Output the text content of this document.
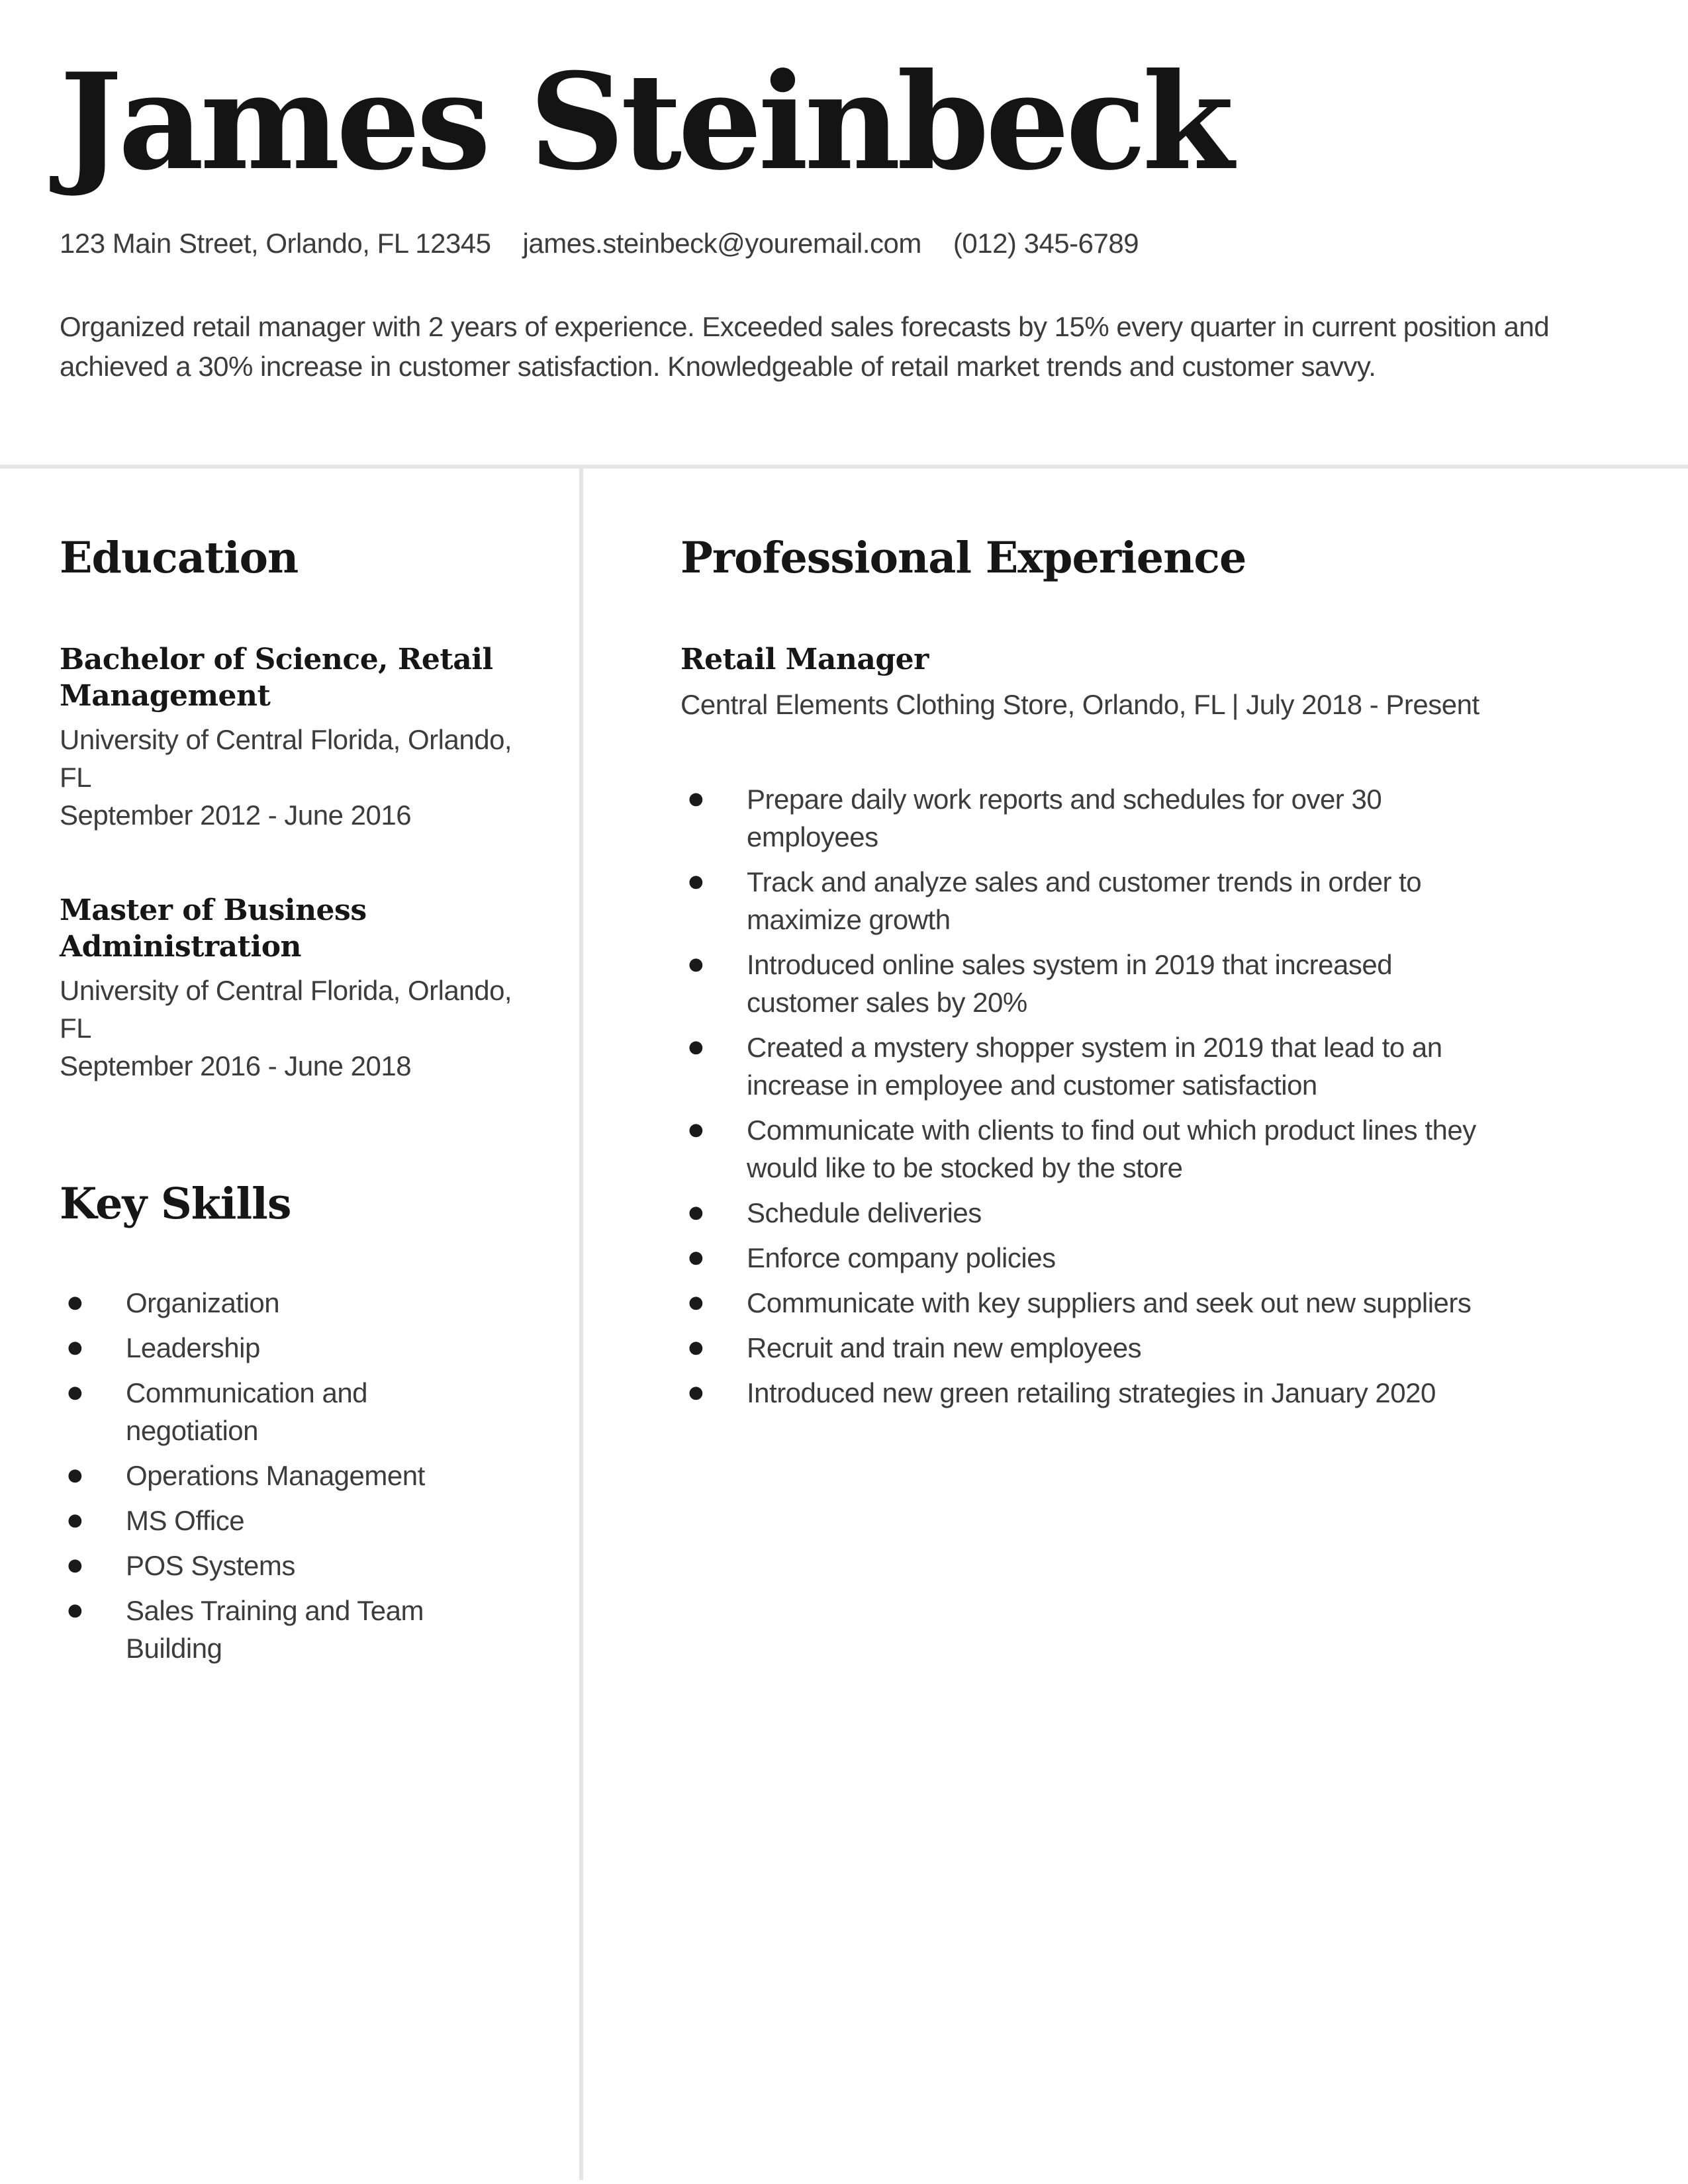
James Steinbeck
123 Main Street, Orlando, FL 12345 james.steinbeck@youremail.com (012) 345-6789
Organized retail manager with 2 years of experience. Exceeded sales forecasts by 15% every quarter in current position and achieved a 30% increase in customer satisfaction. Knowledgeable of retail market trends and customer savvy.
Education
Bachelor of Science, Retail Management

University of Central Florida, Orlando, FL

September 2012 - June 2016

Master of Business Administration

University of Central Florida, Orlando, FL

September 2016 - June 2018

Key Skills
● Organization
● Leadership
● Communication and negotiation
● Operations Management
● MS Office
● POS Systems
● Sales Training and Team Building
Professional Experience
Retail Manager

Central Elements Clothing Store, Orlando, FL | July 2018 - Present

● Prepare daily work reports and schedules for over 30 employees
● Track and analyze sales and customer trends in order to maximize growth
● Introduced online sales system in 2019 that increased customer sales by 20%
● Created a mystery shopper system in 2019 that lead to an increase in employee and customer satisfaction
● Communicate with clients to find out which product lines they would like to be stocked by the store
● Schedule deliveries
● Enforce company policies
● Communicate with key suppliers and seek out new suppliers
● Recruit and train new employees
● Introduced new green retailing strategies in January 2020
